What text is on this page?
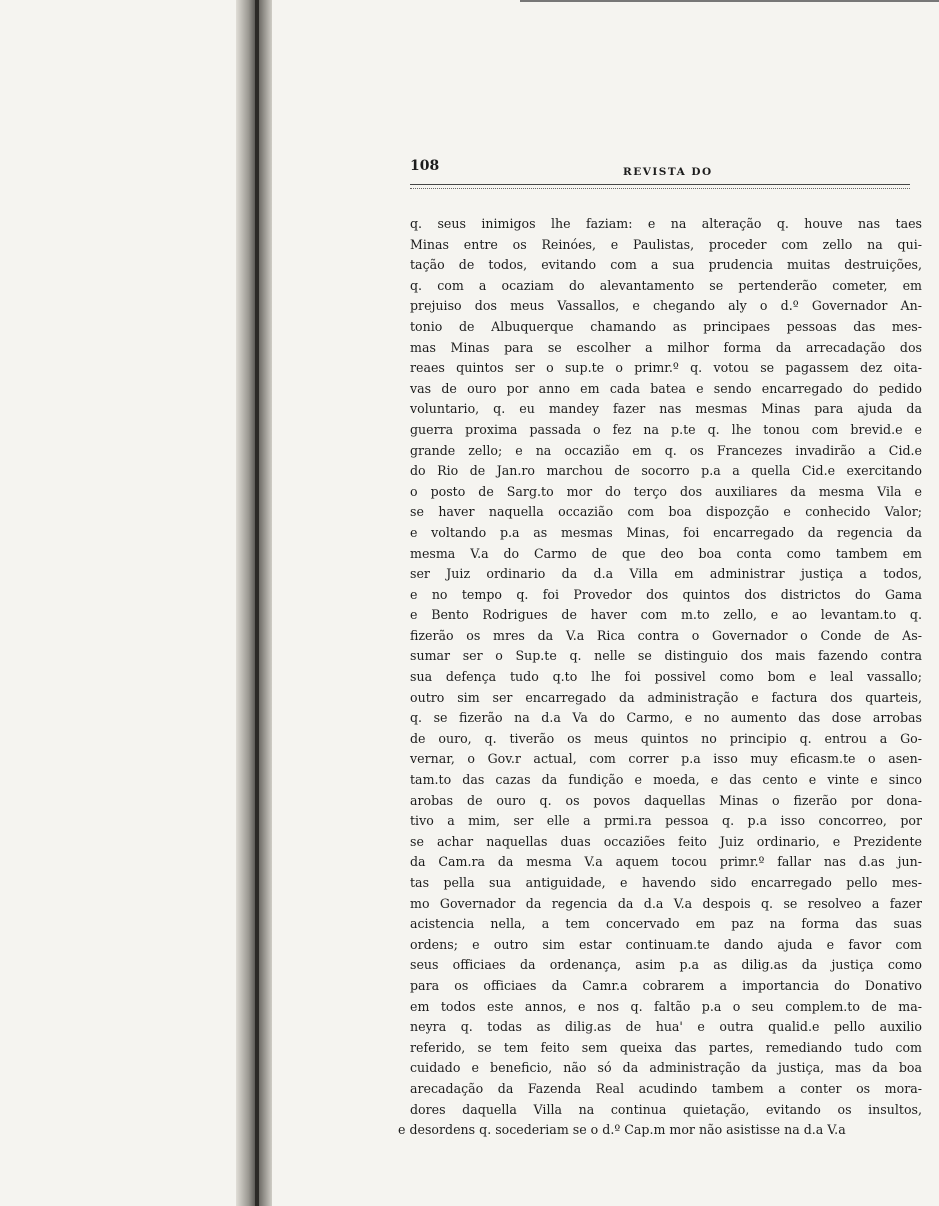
108	REVISTA DO
q. seus inimigos lhe faziam: e na alteração q. houve nas taes
Minas entre os Reinóes, e Paulistas, proceder com zello na qui-
tação de todos, evitando com a sua prudencia muitas destruições,
q. com a ocaziam do alevantamento se pertenderão cometer, em
prejuiso dos meus Vassallos, e chegando aly o d.º Governador An-
tonio de Albuquerque chamando as principaes pessoas das mes-
mas Minas para se escolher a milhor forma da arrecadação dos
reaes quintos ser o sup.te o primr.º q. votou se pagassem dez oita-
vas de ouro por anno em cada batea e sendo encarregado do pedido
voluntario, q. eu mandey fazer nas mesmas Minas para ajuda da
guerra proxima passada o fez na p.te q. lhe tonou com brevid.e e
grande zello; e na occazião em q. os Francezes invadirão a Cid.e
do Rio de Jan.ro marchou de socorro p.a a quella Cid.e exercitando
o posto de Sarg.to mor do terço dos auxiliares da mesma Vila e
se haver naquella occazião com boa dispozção e conhecido Valor;
e voltando p.a as mesmas Minas, foi encarregado da regencia da
mesma V.a do Carmo de que deo boa conta como tambem em
ser Juiz ordinario da d.a Villa em administrar justiça a todos,
e no tempo q. foi Provedor dos quintos dos districtos do Gama
e Bento Rodrigues de haver com m.to zello, e ao levantam.to q.
fizerão os mres da V.a Rica contra o Governador o Conde de As-
sumar ser o Sup.te q. nelle se distinguio dos mais fazendo contra
sua defença tudo q.to lhe foi possivel como bom e leal vassallo;
outro sim ser encarregado da administração e factura dos quarteis,
q. se fizerão na d.a Va do Carmo, e no aumento das dose arrobas
de ouro, q. tiverão os meus quintos no principio q. entrou a Go-
vernar, o Gov.r actual, com correr p.a isso muy eficasm.te o asen-
tam.to das cazas da fundição e moeda, e das cento e vinte e sinco
arobas de ouro q. os povos daquellas Minas o fizerão por dona-
tivo a mim, ser elle a prmi.ra pessoa q. p.a isso concorreo, por
se achar naquellas duas occaziões feito Juiz ordinario, e Prezidente
da Cam.ra da mesma V.a aquem tocou primr.º fallar nas d.as jun-
tas pella sua antiguidade, e havendo sido encarregado pello mes-
mo Governador da regencia da d.a V.a despois q. se resolveo a fazer
acistencia nella, a tem concervado em paz na forma das suas
ordens; e outro sim estar continuam.te dando ajuda e favor com
seus officiaes da ordenança, asim p.a as dilig.as da justiça como
para os officiaes da Camr.a cobrarem a importancia do Donativo
em todos este annos, e nos q. faltão p.a o seu complem.to de ma-
neyra q. todas as dilig.as de hua' e outra qualid.e pello auxilio
referido, se tem feito sem queixa das partes, remediando tudo com
cuidado e beneficio, não só da administração da justiça, mas da boa
arecadação da Fazenda Real acudindo tambem a conter os mora-
dores daquella Villa na continua quietação, evitando os insultos,
e desordens q. socederiam se o d.º Cap.m mor não asistisse na d.a V.a
